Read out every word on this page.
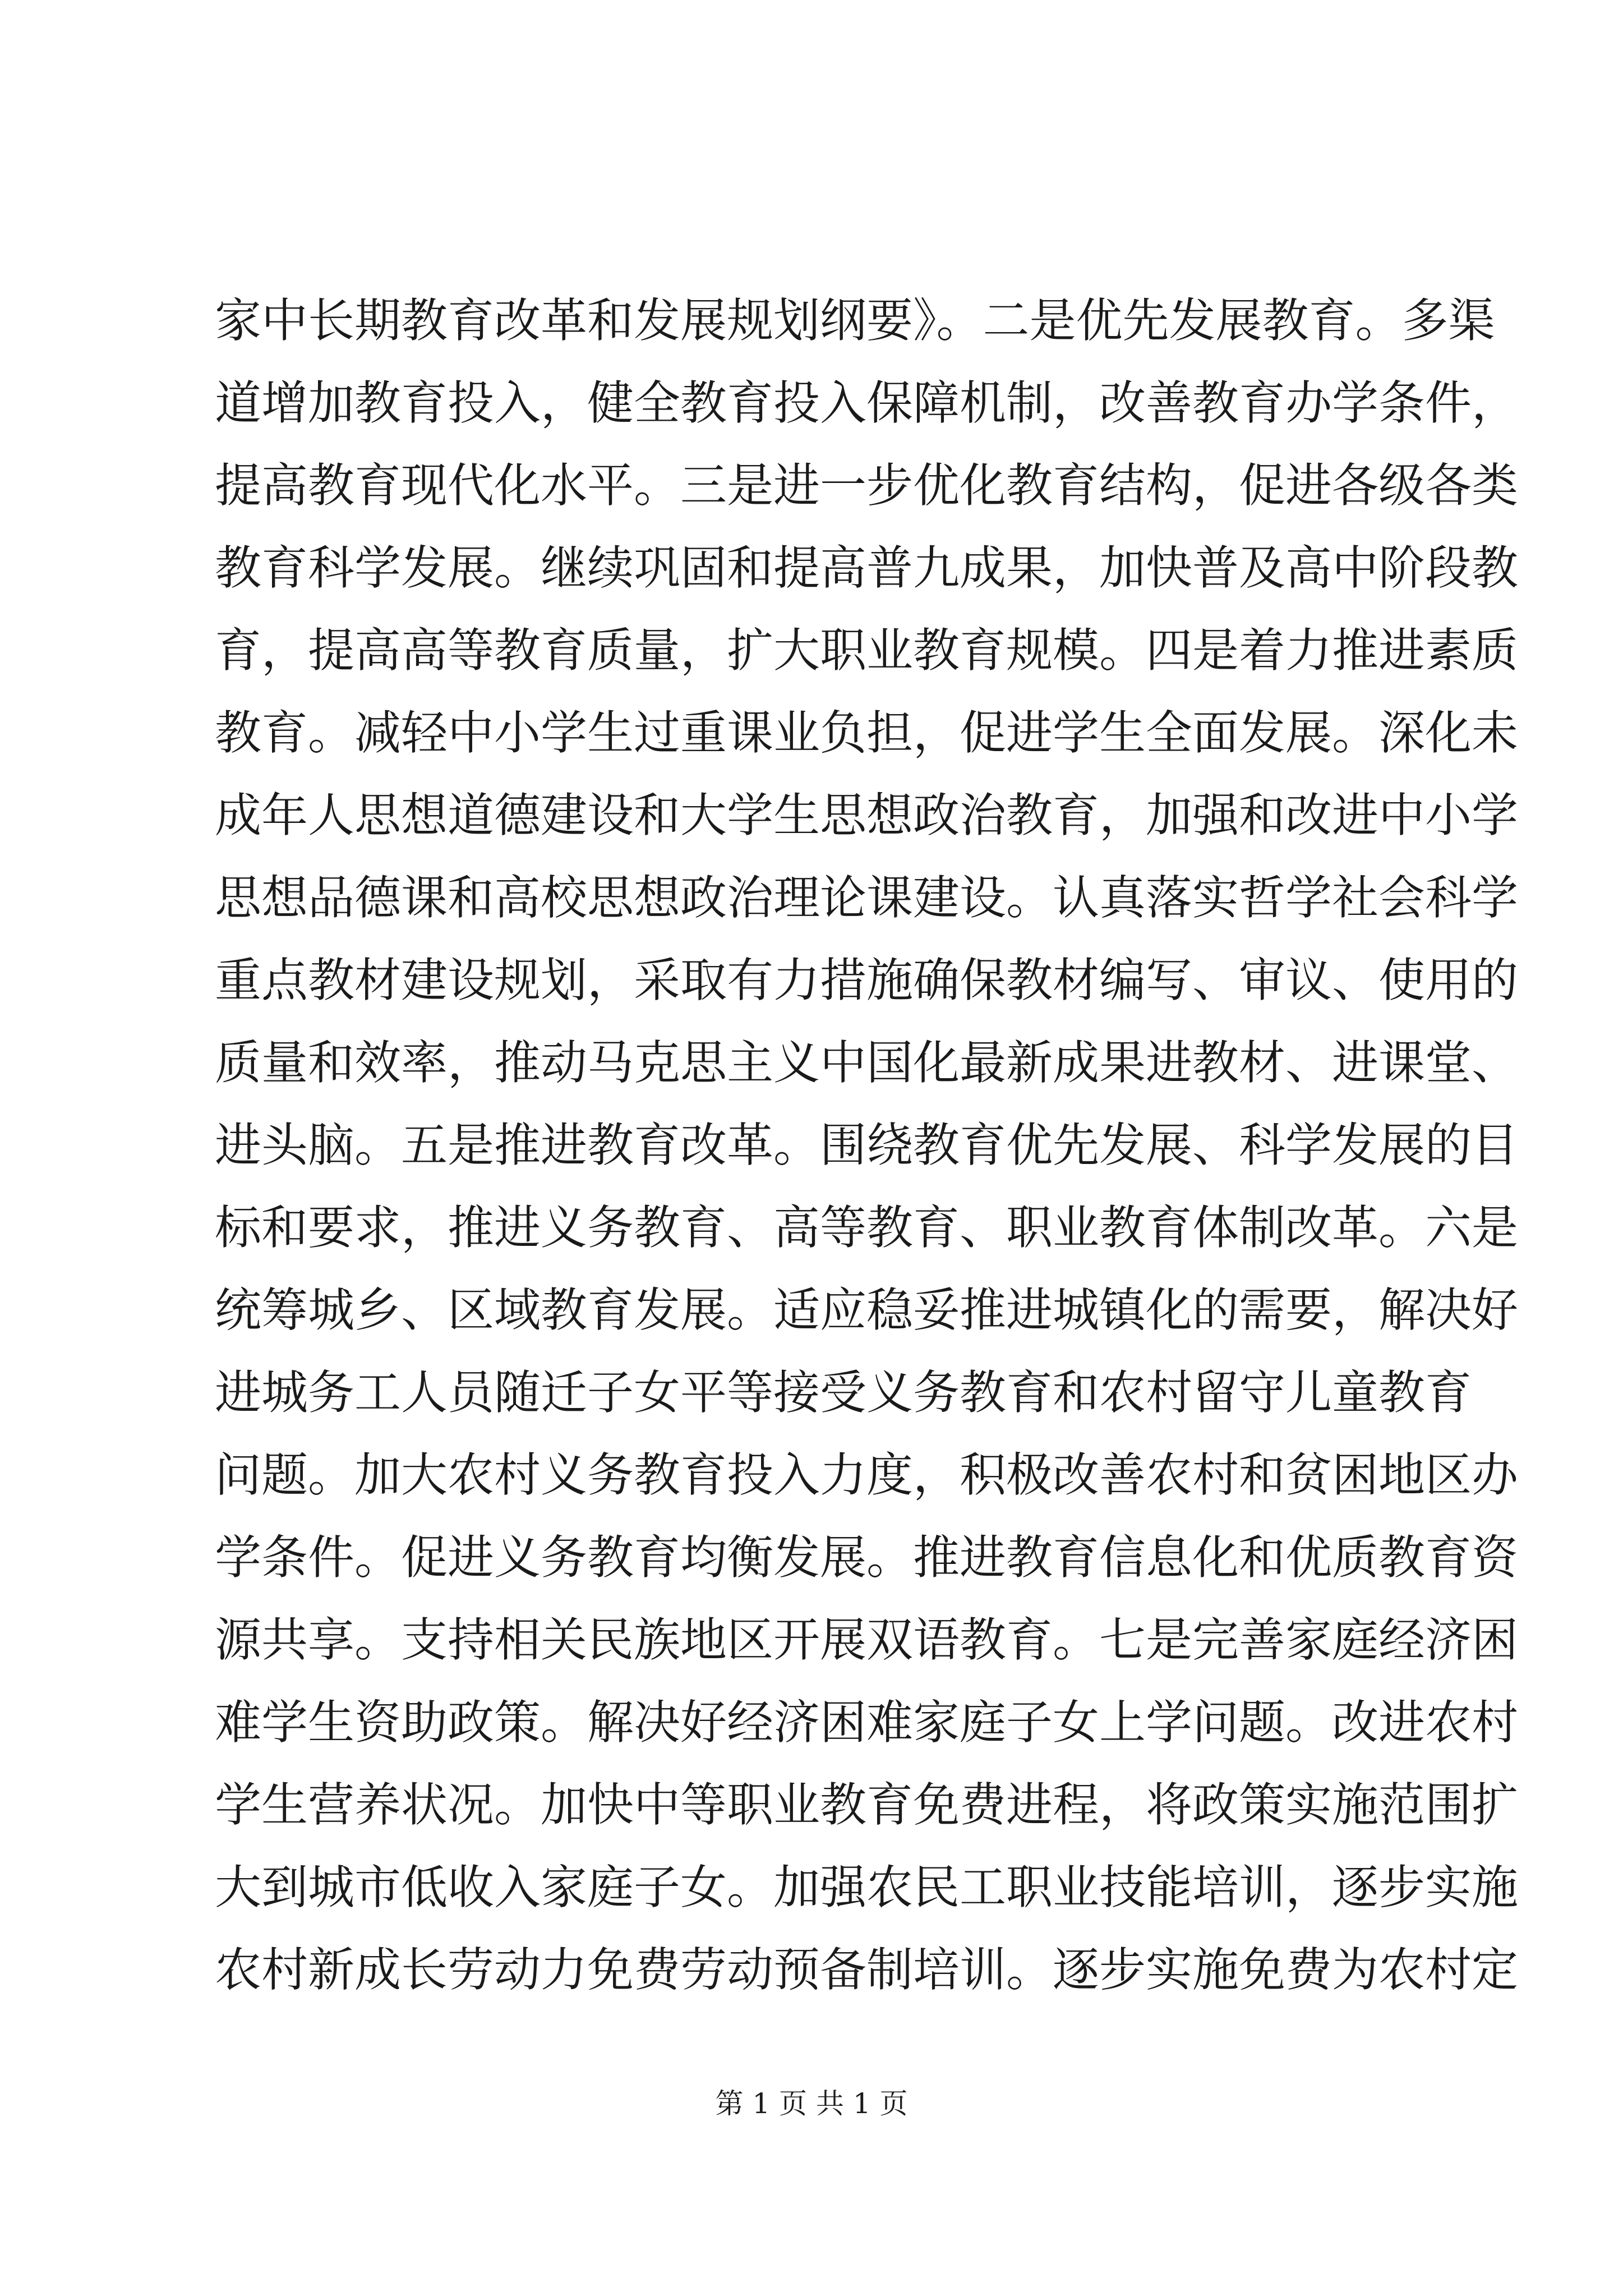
家中长期教育改革和发展规划纲要》。二是优先发展教育。多渠
道增加教育投入，健全教育投入保障机制，改善教育办学条件，
提高教育现代化水平。三是进一步优化教育结构，促进各级各类
教育科学发展。继续巩固和提高普九成果，加快普及高中阶段教
育，提高高等教育质量，扩大职业教育规模。四是着力推进素质
教育。减轻中小学生过重课业负担，促进学生全面发展。深化未
成年人思想道德建设和大学生思想政治教育，加强和改进中小学
思想品德课和高校思想政治理论课建设。认真落实哲学社会科学
重点教材建设规划，采取有力措施确保教材编写、审议、使用的
质量和效率，推动马克思主义中国化最新成果进教材、进课堂、
进头脑。五是推进教育改革。围绕教育优先发展、科学发展的目
标和要求，推进义务教育、高等教育、职业教育体制改革。六是
统筹城乡、区域教育发展。适应稳妥推进城镇化的需要，解决好
进城务工人员随迁子女平等接受义务教育和农村留守儿童教育
问题。加大农村义务教育投入力度，积极改善农村和贫困地区办
学条件。促进义务教育均衡发展。推进教育信息化和优质教育资
源共享。支持相关民族地区开展双语教育。七是完善家庭经济困
难学生资助政策。解决好经济困难家庭子女上学问题。改进农村
学生营养状况。加快中等职业教育免费进程，将政策实施范围扩
大到城市低收入家庭子女。加强农民工职业技能培训，逐步实施
农村新成长劳动力免费劳动预备制培训。逐步实施免费为农村定
第 1 页 共 1 页
